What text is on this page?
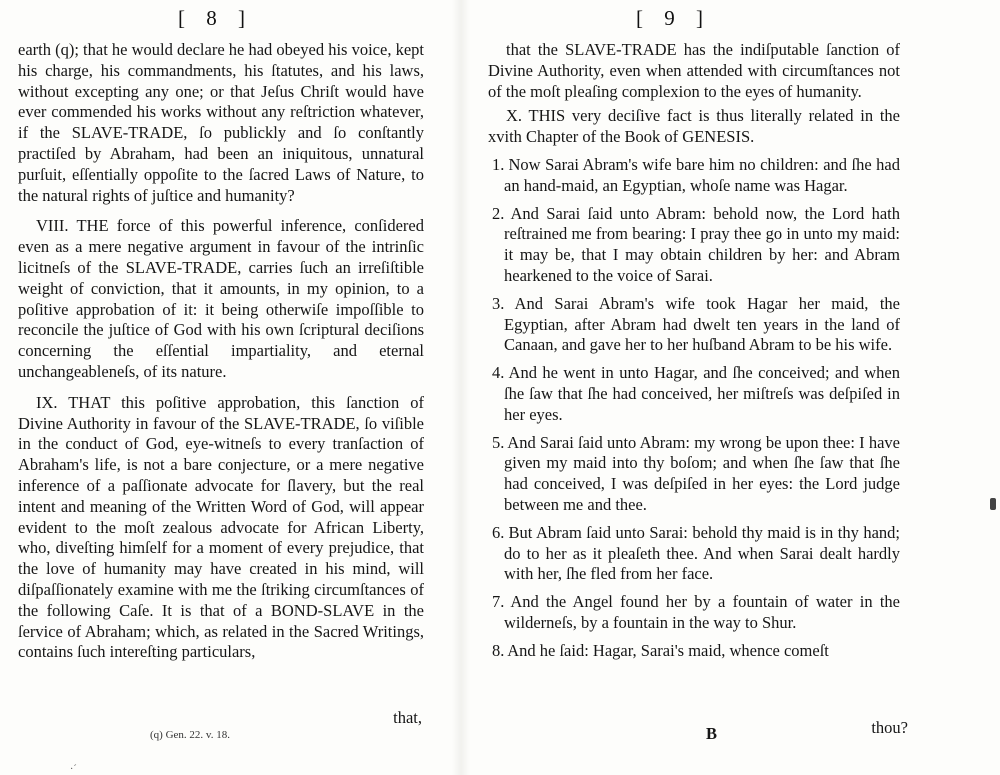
[ 8 ]

earth (q); that he would declare he had obeyed his voice, kept his charge, his commandments, his ſtatutes, and his laws, without excepting any one; or that Jeſus Chriſt would have ever commended his works without any reſtriction whatever, if the SLAVE-TRADE, ſo publickly and ſo conſtantly practiſed by Abraham, had been an iniquitous, unnatural purſuit, eſſentially oppoſite to the ſacred Laws of Nature, to the natural rights of juſtice and humanity?

VIII. THE force of this powerful inference, conſidered even as a mere negative argument in favour of the intrinſic licitneſs of the SLAVE-TRADE, carries ſuch an irreſiſtible weight of conviction, that it amounts, in my opinion, to a poſitive approbation of it: it being otherwiſe impoſſible to reconcile the juſtice of God with his own ſcriptural deciſions concerning the eſſential impartiality, and eternal unchangeableneſs, of its nature.

IX. THAT this poſitive approbation, this ſanction of Divine Authority in favour of the SLAVE-TRADE, ſo viſible in the conduct of God, eye-witneſs to every tranſaction of Abraham's life, is not a bare conjecture, or a mere negative inference of a paſſionate advocate for ſlavery, but the real intent and meaning of the Written Word of God, will appear evident to the moſt zealous advocate for African Liberty, who, diveſting himſelf for a moment of every prejudice, that the love of humanity may have created in his mind, will diſpaſſionately examine with me the ſtriking circumſtances of the following Caſe. It is that of a BOND-SLAVE in the ſervice of Abraham; which, as related in the Sacred Writings, contains ſuch intereſting particulars,

that,
(q) Gen. 22. v. 18.
·ˊ
[ 9 ]

that the SLAVE-TRADE has the indiſputable ſanction of Divine Authority, even when attended with circumſtances not of the moſt pleaſing complexion to the eyes of humanity.

X. THIS very deciſive fact is thus literally related in the xvith Chapter of the Book of GENESIS.

1. Now Sarai Abram's wife bare him no children: and ſhe had an hand-maid, an Egyptian, whoſe name was Hagar.

2. And Sarai ſaid unto Abram: behold now, the Lord hath reſtrained me from bearing: I pray thee go in unto my maid: it may be, that I may obtain children by her: and Abram hearkened to the voice of Sarai.

3. And Sarai Abram's wife took Hagar her maid, the Egyptian, after Abram had dwelt ten years in the land of Canaan, and gave her to her huſband Abram to be his wife.

4. And he went in unto Hagar, and ſhe conceived; and when ſhe ſaw that ſhe had conceived, her miſtreſs was deſpiſed in her eyes.

5. And Sarai ſaid unto Abram: my wrong be upon thee: I have given my maid into thy boſom; and when ſhe ſaw that ſhe had conceived, I was deſpiſed in her eyes: the Lord judge between me and thee.

6. But Abram ſaid unto Sarai: behold thy maid is in thy hand; do to her as it pleaſeth thee. And when Sarai dealt hardly with her, ſhe fled from her face.

7. And the Angel found her by a fountain of water in the wilderneſs, by a fountain in the way to Shur.

8. And he ſaid: Hagar, Sarai's maid, whence comeſt

B	thou?
